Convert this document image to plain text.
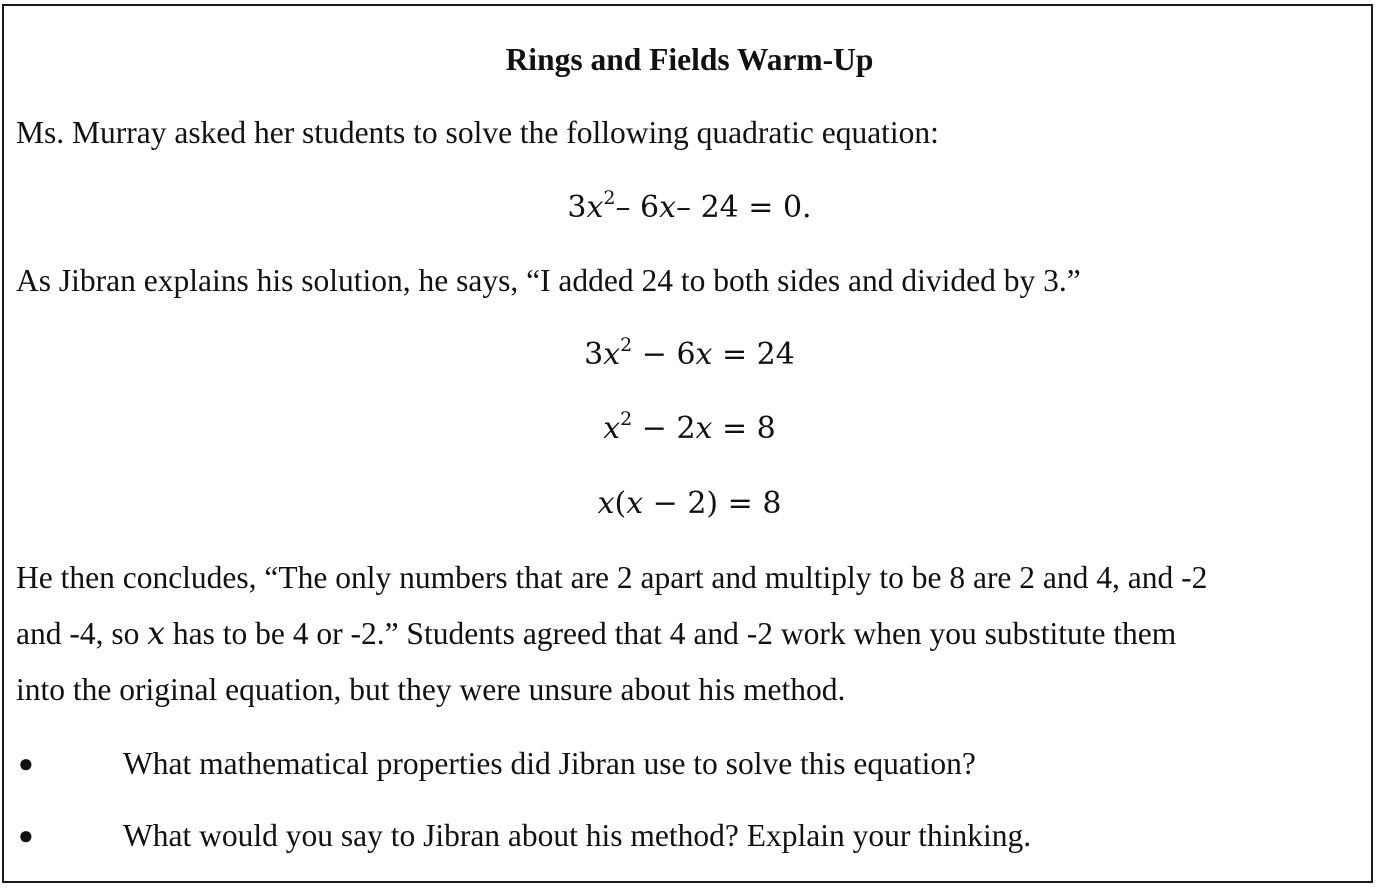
Rings and Fields Warm-Up
Ms. Murray asked her students to solve the following quadratic equation:
$3x^2-$ 6x– 24 = 0.
As Jibran explains his solution, he says, “I added 24 to both sides and divided by 3.”
$3x^2 - 6x = 24$
$x^2 - 2x = 8$
x(x − 2) = 8
He then concludes, “The only numbers that are 2 apart and multiply to be 8 are 2 and 4, and -2
and -4, so x has to be 4 or -2.” Students agreed that 4 and -2 work when you substitute them
into the original equation, but they were unsure about his method.
●	What mathematical properties did Jibran use to solve this equation?
●	What would you say to Jibran about his method? Explain your thinking.
